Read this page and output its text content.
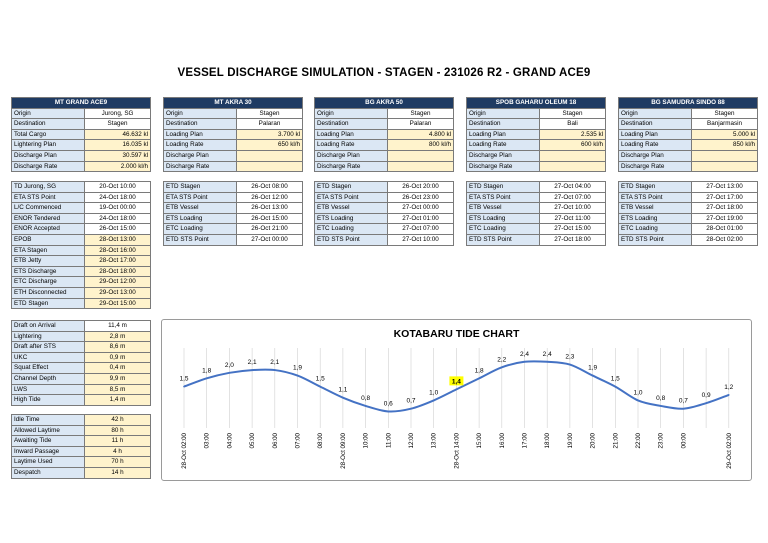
VESSEL DISCHARGE SIMULATION - STAGEN - 231026 R2 - GRAND ACE9
MT GRAND ACE9	
Origin	Jurong, SG
Destination	Stagen
Total Cargo	46.632 kl
Lightering Plan	16.035 kl
Discharge Plan	30.597 kl
Discharge Rate	2.000 kl/h
TD Jurong, SG	20-Oct 10:00
ETA STS Point	24-Oct 18:00
L/C Commenced	19-Oct 00:00
ENOR Tendered	24-Oct 18:00
ENOR Accepted	26-Oct 15:00
EPOB	28-Oct 13:00
ETA Stagen	28-Oct 16:00
ETB Jetty	28-Oct 17:00
ETS Discharge	28-Oct 18:00
ETC Discharge	29-Oct 12:00
ETH Disconnected	29-Oct 13:00
ETD Stagen	29-Oct 15:00
MT AKRA 30	
Origin	Stagen
Destination	Palaran
Loading Plan	3.700 kl
Loading Rate	650 kl/h
Discharge Plan	
Discharge Rate	
ETD Stagen	26-Oct 08:00
ETA STS Point	26-Oct 12:00
ETB Vessel	26-Oct 13:00
ETS Loading	26-Oct 15:00
ETC Loading	26-Oct 21:00
ETD STS Point	27-Oct 00:00
BG AKRA 50	
Origin	Stagen
Destination	Palaran
Loading Plan	4.800 kl
Loading Rate	800 kl/h
Discharge Plan	
Discharge Rate	
ETD Stagen	26-Oct 20:00
ETA STS Point	26-Oct 23:00
ETB Vessel	27-Oct 00:00
ETS Loading	27-Oct 01:00
ETC Loading	27-Oct 07:00
ETD STS Point	27-Oct 10:00
SPOB GAHARU OLEUM 18	
Origin	Stagen
Destination	Bali
Loading Plan	2.535 kl
Loading Rate	600 kl/h
Discharge Plan	
Discharge Rate	
ETD Stagen	27-Oct 04:00
ETA STS Point	27-Oct 07:00
ETB Vessel	27-Oct 10:00
ETS Loading	27-Oct 11:00
ETC Loading	27-Oct 15:00
ETD STS Point	27-Oct 18:00
BG SAMUDRA SINDO 88	
Origin	Stagen
Destination	Banjarmasin
Loading Plan	5.000 kl
Loading Rate	850 kl/h
Discharge Plan	
Discharge Rate	
ETD Stagen	27-Oct 13:00
ETA STS Point	27-Oct 17:00
ETB Vessel	27-Oct 18:00
ETS Loading	27-Oct 19:00
ETC Loading	28-Oct 01:00
ETD STS Point	28-Oct 02:00
Draft on Arrival	11,4 m
Lightering	2,8 m
Draft after STS	8,6 m
UKC	0,9 m
Squat Effect	0,4 m
Channel Depth	9,9 m
LWS	8,5 m
High Tide	1,4 m
Idle Time	42 h
Allowed Laytime	80 h
Awaiting Tide	11 h
Inward Passage	4 h
Laytime Used	70 h
Despatch	14 h
KOTABARU TIDE CHART
1,5
1,8
2,0 2,1 2,1
1,9
1,5
1,1
0,8
0,6 0,7
1,0
1,4
1,8
2,2
2,4 2,4 2,3
1,9
1,5
1,0
0,8 0,7
0,9
1,2
28-Oct 02:00	03:00	04:00	05:00	06:00	07:00	08:00	28-Oct 09:00	10:00	11:00	12:00	13:00	28-Oct 14:00	15:00	16:00	17:00	18:00	19:00	20:00	21:00	22:00	23:00	00:00	29-Oct 02:00
